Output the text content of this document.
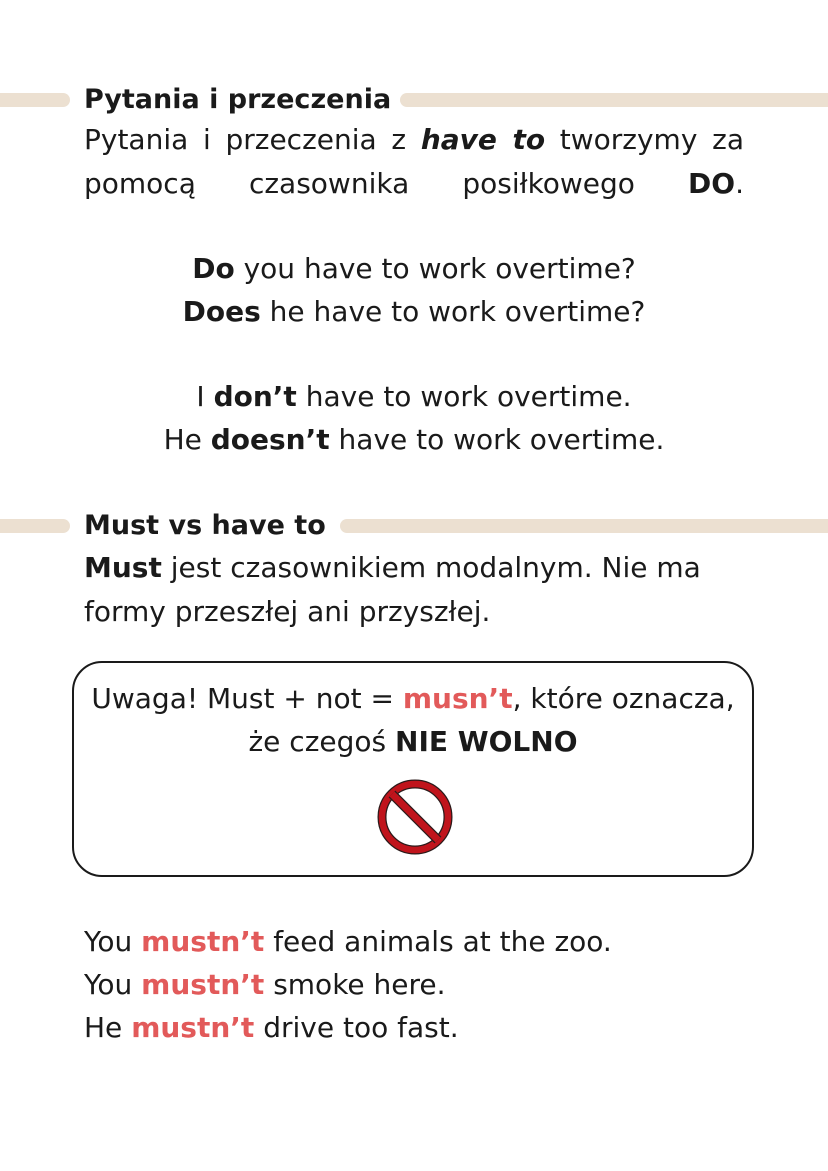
Pytania i przeczenia

Pytania i przeczenia z have to tworzymy za pomocą czasownika posiłkowego DO.

Do you have to work overtime?
Does he have to work overtime?
I don’t have to work overtime.
He doesn’t have to work overtime.
Must vs have to

Must jest czasownikiem modalnym. Nie ma
formy przeszłej ani przyszłej.

Uwaga! Must + not = musn’t, które oznacza,
że czegoś NIE WOLNO

You mustn’t feed animals at the zoo.
You mustn’t smoke here.
He mustn’t drive too fast.
